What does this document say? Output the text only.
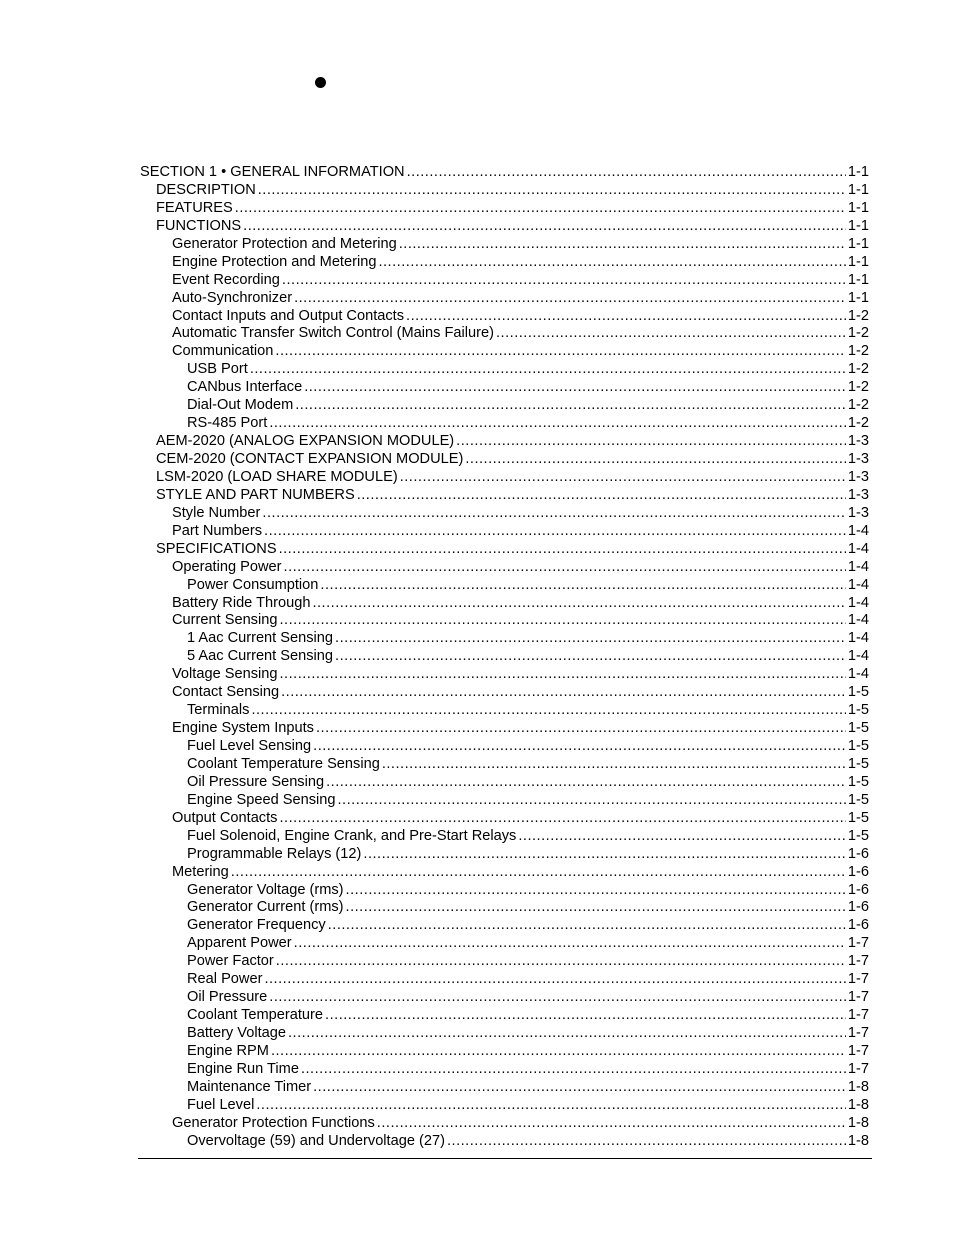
SECTION 1 • GENERAL INFORMATION .....	1-1
DESCRIPTION .....	1-1
FEATURES .....	1-1
FUNCTIONS .....	1-1
Generator Protection and Metering .....	1-1
Engine Protection and Metering .....	1-1
Event Recording .....	1-1
Auto-Synchronizer .....	1-1
Contact Inputs and Output Contacts .....	1-2
Automatic Transfer Switch Control (Mains Failure) .....	1-2
Communication .....	1-2
USB Port .....	1-2
CANbus Interface .....	1-2
Dial-Out Modem .....	1-2
RS-485 Port .....	1-2
AEM-2020 (ANALOG EXPANSION MODULE) .....	1-3
CEM-2020 (CONTACT EXPANSION MODULE) .....	1-3
LSM-2020 (LOAD SHARE MODULE) .....	1-3
STYLE AND PART NUMBERS .....	1-3
Style Number .....	1-3
Part Numbers .....	1-4
SPECIFICATIONS .....	1-4
Operating Power .....	1-4
Power Consumption .....	1-4
Battery Ride Through .....	1-4
Current Sensing .....	1-4
1 Aac Current Sensing .....	1-4
5 Aac Current Sensing .....	1-4
Voltage Sensing .....	1-4
Contact Sensing .....	1-5
Terminals .....	1-5
Engine System Inputs .....	1-5
Fuel Level Sensing .....	1-5
Coolant Temperature Sensing .....	1-5
Oil Pressure Sensing .....	1-5
Engine Speed Sensing .....	1-5
Output Contacts .....	1-5
Fuel Solenoid, Engine Crank, and Pre-Start Relays .....	1-5
Programmable Relays (12) .....	1-6
Metering .....	1-6
Generator Voltage (rms) .....	1-6
Generator Current (rms) .....	1-6
Generator Frequency .....	1-6
Apparent Power .....	1-7
Power Factor .....	1-7
Real Power .....	1-7
Oil Pressure .....	1-7
Coolant Temperature .....	1-7
Battery Voltage .....	1-7
Engine RPM .....	1-7
Engine Run Time .....	1-7
Maintenance Timer .....	1-8
Fuel Level .....	1-8
Generator Protection Functions .....	1-8
Overvoltage (59) and Undervoltage (27) .....	1-8
